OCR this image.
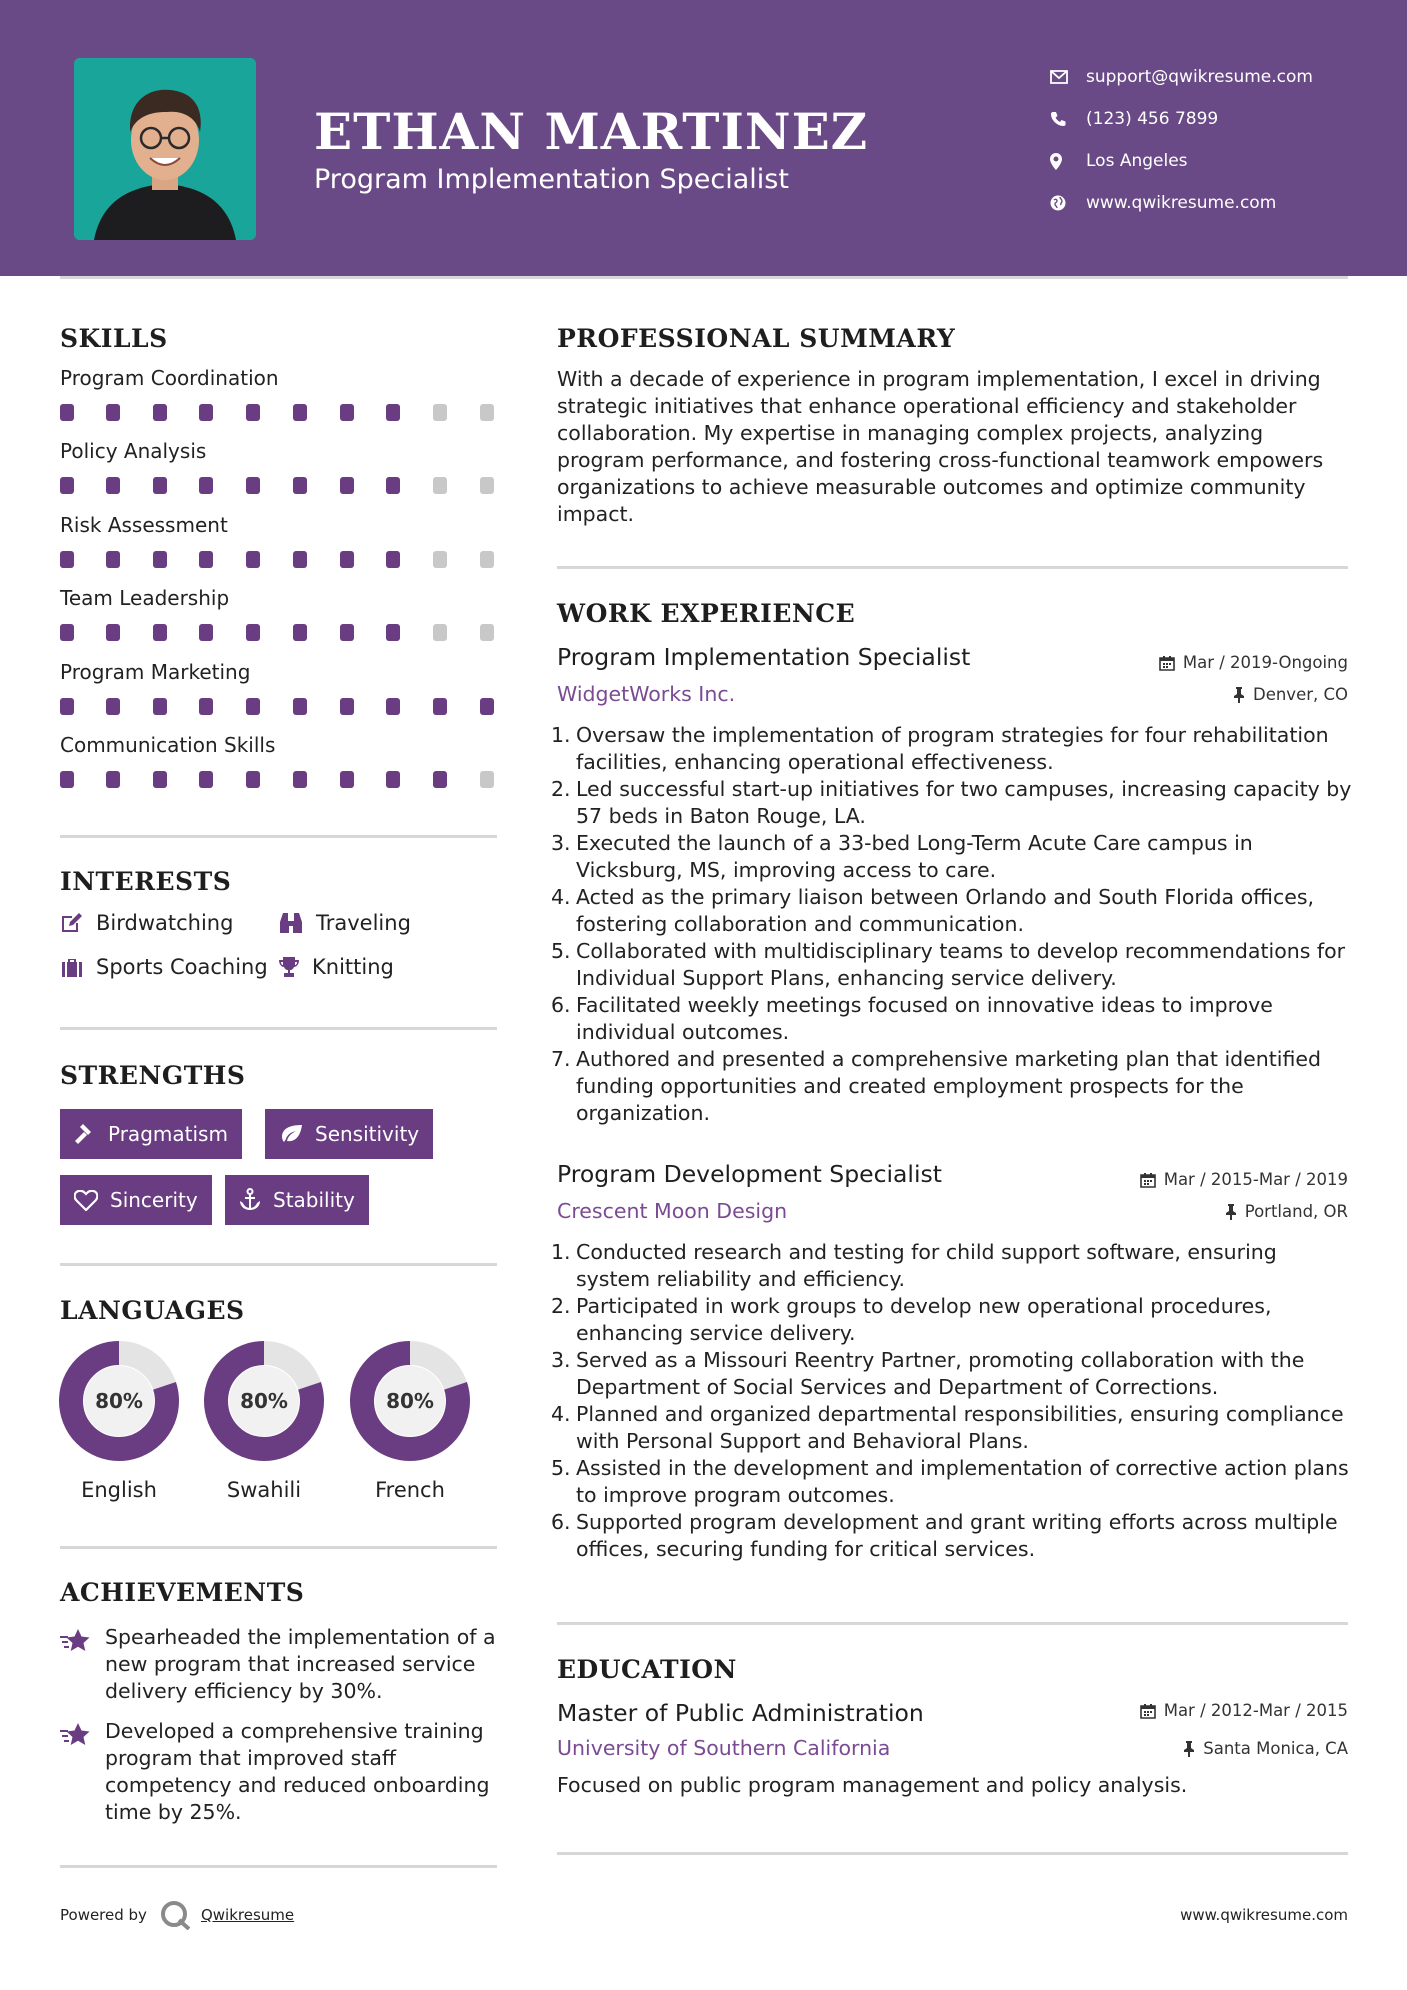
ETHAN MARTINEZ
Program Implementation Specialist
support@qwikresume.com
(123) 456 7899
Los Angeles
www.qwikresume.com
SKILLS
Program Coordination
Policy Analysis
Risk Assessment
Team Leadership
Program Marketing
Communication Skills
INTERESTS
Birdwatching	Traveling
Sports Coaching Knitting
STRENGTHS
Pragmatism	Sensitivity
Sincerity	Stability
LANGUAGES
80%
English
80%
Swahili
80%
French
ACHIEVEMENTS
Spearheaded the implementation of a new program that increased service delivery efficiency by 30%.
Developed a comprehensive training program that improved staff competency and reduced onboarding time by 25%.
PROFESSIONAL SUMMARY
With a decade of experience in program implementation, I excel in driving strategic initiatives that enhance operational efficiency and stakeholder collaboration. My expertise in managing complex projects, analyzing program performance, and fostering cross-functional teamwork empowers organizations to achieve measurable outcomes and optimize community impact.
WORK EXPERIENCE
Program Implementation Specialist	Mar / 2019-Ongoing
WidgetWorks Inc.	Denver, CO
1. Oversaw the implementation of program strategies for four rehabilitation facilities, enhancing operational effectiveness.
2. Led successful start-up initiatives for two campuses, increasing capacity by 57 beds in Baton Rouge, LA.
3. Executed the launch of a 33-bed Long-Term Acute Care campus in Vicksburg, MS, improving access to care.
4. Acted as the primary liaison between Orlando and South Florida offices, fostering collaboration and communication.
5. Collaborated with multidisciplinary teams to develop recommendations for Individual Support Plans, enhancing service delivery.
6. Facilitated weekly meetings focused on innovative ideas to improve individual outcomes.
7. Authored and presented a comprehensive marketing plan that identified funding opportunities and created employment prospects for the organization.
Program Development Specialist	Mar / 2015-Mar / 2019
Crescent Moon Design	Portland, OR
1. Conducted research and testing for child support software, ensuring system reliability and efficiency.
2. Participated in work groups to develop new operational procedures, enhancing service delivery.
3. Served as a Missouri Reentry Partner, promoting collaboration with the Department of Social Services and Department of Corrections.
4. Planned and organized departmental responsibilities, ensuring compliance with Personal Support and Behavioral Plans.
5. Assisted in the development and implementation of corrective action plans to improve program outcomes.
6. Supported program development and grant writing efforts across multiple offices, securing funding for critical services.
EDUCATION
Master of Public Administration	Mar / 2012-Mar / 2015
University of Southern California	Santa Monica, CA
Focused on public program management and policy analysis.
Powered by	Qwikresume	www.qwikresume.com
